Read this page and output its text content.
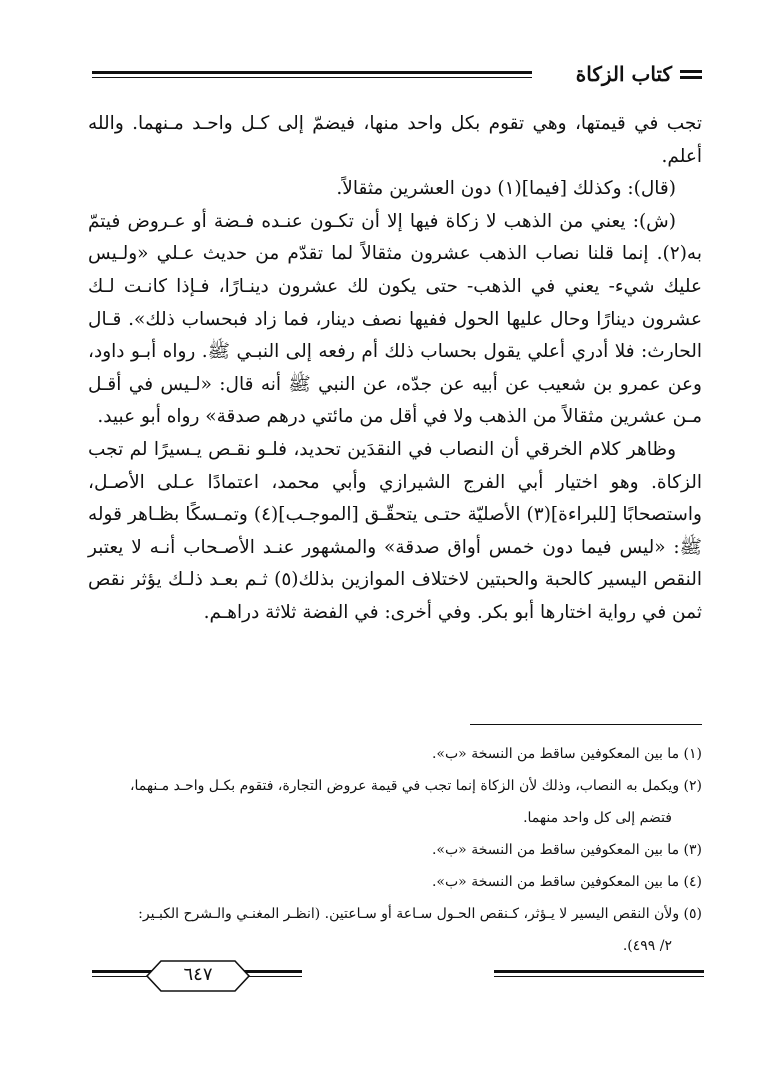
كتاب الزكاة

تجب في قيمتها، وهي تقوم بكل واحد منها، فيضمّ إلى كـل واحـد مـنهما. والله أعلم.

(قال): وكذلك [فيما](١) دون العشرين مثقالاً.

(ش): يعني من الذهب لا زكاة فيها إلا أن تكـون عنـده فـضة أو عـروض فيتمّ به(٢). إنما قلنا نصاب الذهب عشرون مثقالاً لما تقدّم من حديث عـلي «ولـيس عليك شيء- يعني في الذهب- حتى يكون لك عشرون دينـارًا، فـإذا كانـت لـك عشرون دينارًا وحال عليها الحول ففيها نصف دينار، فما زاد فبحساب ذلك». قـال الحارث: فلا أدري أعلي يقول بحساب ذلك أم رفعه إلى النبـي ﷺ. رواه أبـو داود، وعن عمرو بن شعيب عن أبيه عن جدّه، عن النبي ﷺ أنه قال: «لـيس في أقـل مـن عشرين مثقالاً من الذهب ولا في أقل من مائتي درهم صدقة» رواه أبو عبيد.

وظاهر كلام الخرقي أن النصاب في النقدَين تحديد، فلـو نقـص يـسيرًا لم تجب الزكاة. وهو اختيار أبي الفرج الشيرازي وأبي محمد، اعتمادًا عـلى الأصـل، واستصحابًا [للبراءة](٣) الأصليّة حتـى يتحقّـق [الموجـب](٤) وتمـسكًا بظـاهر قوله ﷺ: «ليس فيما دون خمس أواق صدقة» والمشهور عنـد الأصـحاب أنـه لا يعتبر النقص اليسير كالحبة والحبتين لاختلاف الموازين بذلك(٥) ثـم بعـد ذلـك يؤثر نقص ثمن في رواية اختارها أبو بكر. وفي أخرى: في الفضة ثلاثة دراهـم.

(١) ما بين المعكوفين ساقط من النسخة «ب».

(٢) ويكمل به النصاب، وذلك لأن الزكاة إنما تجب في قيمة عروض التجارة، فتقوم بكـل واحـد مـنهما،

فتضم إلى كل واحد منهما.

(٣) ما بين المعكوفين ساقط من النسخة «ب».

(٤) ما بين المعكوفين ساقط من النسخة «ب».

(٥) ولأن النقص اليسير لا يـؤثر، كـنقص الحـول سـاعة أو سـاعتين. (انظـر المغنـي والـشرح الكبـير:

٢/ ٤٩٩).

٦٤٧
